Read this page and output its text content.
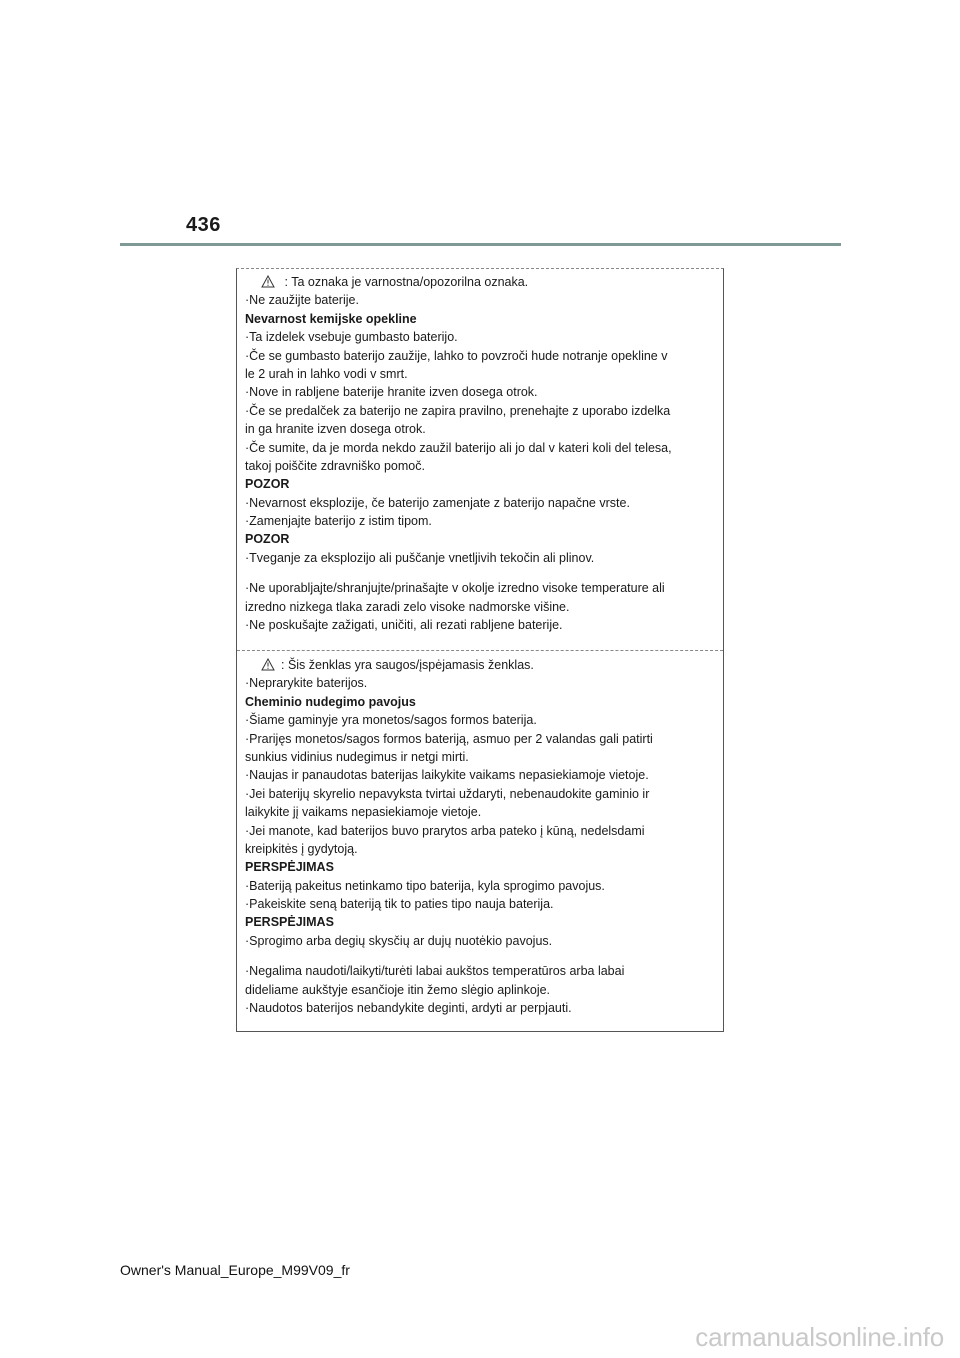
436
: Ta oznaka je varnostna/opozorilna oznaka.
·Ne zaužijte baterije.
Nevarnost kemijske opekline
·Ta izdelek vsebuje gumbasto baterijo.
·Če se gumbasto baterijo zaužije, lahko to povzroči hude notranje opekline v
le 2 urah in lahko vodi v smrt.
·Nove in rabljene baterije hranite izven dosega otrok.
·Če se predalček za baterijo ne zapira pravilno, prenehajte z uporabo izdelka
in ga hranite izven dosega otrok.
·Če sumite, da je morda nekdo zaužil baterijo ali jo dal v kateri koli del telesa,
takoj poiščite zdravniško pomoč.
POZOR
·Nevarnost eksplozije, če baterijo zamenjate z baterijo napačne vrste.
·Zamenjajte baterijo z istim tipom.
POZOR
·Tveganje za eksplozijo ali puščanje vnetljivih tekočin ali plinov.
·Ne uporabljajte/shranjujte/prinašajte v okolje izredno visoke temperature ali
izredno nizkega tlaka zaradi zelo visoke nadmorske višine.
·Ne poskušajte zažigati, uničiti, ali rezati rabljene baterije.
: Šis ženklas yra saugos/įspėjamasis ženklas.
·Neprarykite baterijos.
Cheminio nudegimo pavojus
·Šiame gaminyje yra monetos/sagos formos baterija.
·Prarijęs monetos/sagos formos bateriją, asmuo per 2 valandas gali patirti
sunkius vidinius nudegimus ir netgi mirti.
·Naujas ir panaudotas baterijas laikykite vaikams nepasiekiamoje vietoje.
·Jei baterijų skyrelio nepavyksta tvirtai uždaryti, nebenaudokite gaminio ir
laikykite jį vaikams nepasiekiamoje vietoje.
·Jei manote, kad baterijos buvo prarytos arba pateko į kūną, nedelsdami
kreipkitės į gydytoją.
PERSPĖJIMAS
·Bateriją pakeitus netinkamo tipo baterija, kyla sprogimo pavojus.
·Pakeiskite seną bateriją tik to paties tipo nauja baterija.
PERSPĖJIMAS
·Sprogimo arba degių skysčių ar dujų nuotėkio pavojus.
·Negalima naudoti/laikyti/turėti labai aukštos temperatūros arba labai
dideliame aukštyje esančioje itin žemo slėgio aplinkoje.
·Naudotos baterijos nebandykite deginti, ardyti ar perpjauti.
Owner's Manual_Europe_M99V09_fr
carmanualsonline.info
